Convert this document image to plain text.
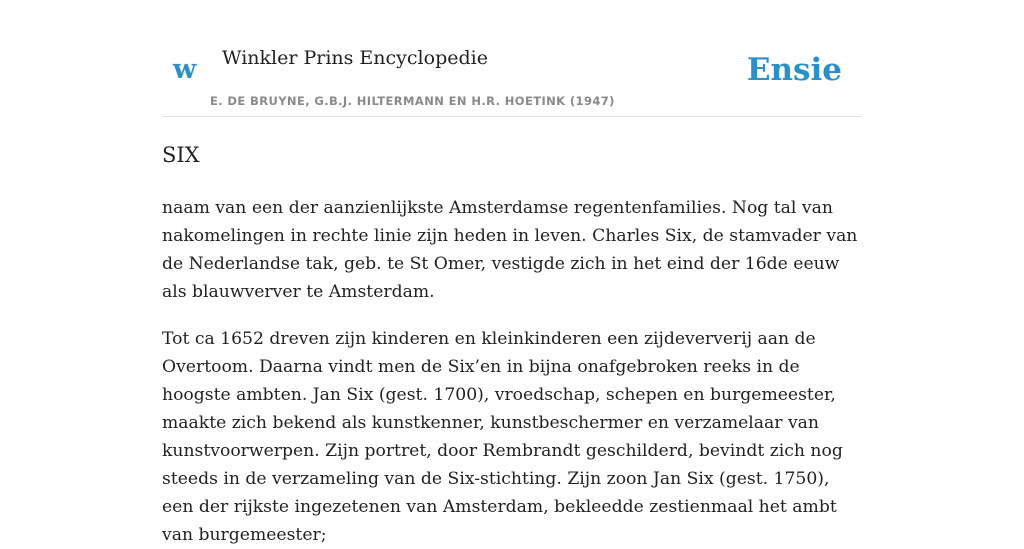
w Winkler Prins Encyclopedie
E. DE BRUYNE, G.B.J. HILTERMANN EN H.R. HOETINK (1947)
Ensie
SIX

naam van een der aanzienlijkste Amsterdamse regentenfamilies. Nog tal van nakomelingen in rechte linie zijn heden in leven. Charles Six, de stamvader van de Nederlandse tak, geb. te St Omer, vestigde zich in het eind der 16de eeuw als blauwverver te Amsterdam.

Tot ca 1652 dreven zijn kinderen en kleinkinderen een zijdeververij aan de Overtoom. Daarna vindt men de Six’en in bijna onafgebroken reeks in de hoogste ambten. Jan Six (gest. 1700), vroedschap, schepen en burgemeester, maakte zich bekend als kunstkenner, kunstbeschermer en verzamelaar van kunstvoorwerpen. Zijn portret, door Rembrandt geschilderd, bevindt zich nog steeds in de verzameling van de Six-stichting. Zijn zoon Jan Six (gest. 1750), een der rijkste ingezetenen van Amsterdam, bekleedde zestienmaal het ambt van burgemeester;
